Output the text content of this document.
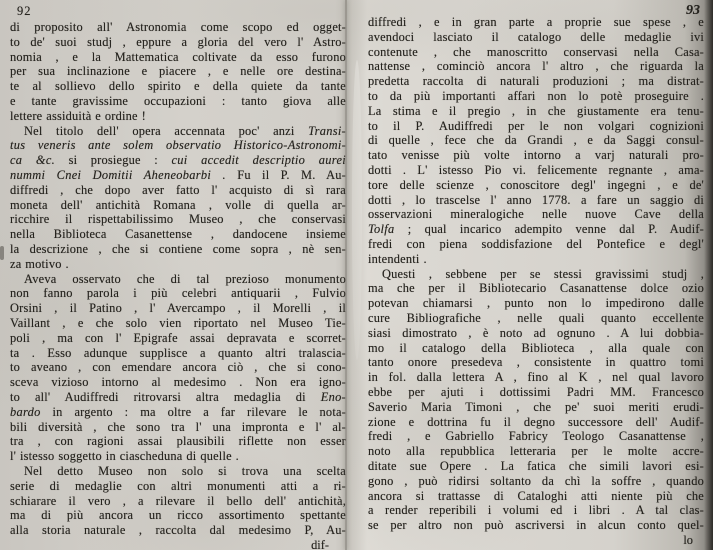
92	93
di proposito all' Astronomia come scopo ed ogget-
to de' suoi studj , eppure a gloria del vero l' Astro-
nomia , e la Mattematica coltivate da esso furono
per sua inclinazione e piacere , e nelle ore destina-
te al sollievo dello spirito e della quiete da tante
e tante gravissime occupazioni : tanto giova alle
lettere assiduità e ordine !
Nel titolo dell' opera accennata poc' anzi Transi-
tus veneris ante solem observatio Historico-Astronomi-
ca &c. si prosiegue : cui accedit descriptio aurei
nummi Cnei Domitii Aheneobarbi . Fu il P. M. Au-
diffredi , che dopo aver fatto l' acquisto di sì rara
moneta dell' antichità Romana , volle di quella ar-
ricchire il rispettabilissimo Museo , che conservasi
nella Biblioteca Casanettense , dandocene insieme
la descrizione , che si contiene come sopra , nè sen-
za motivo .
Aveva osservato che di tal prezioso monumento
non fanno parola i più celebri antiquarii , Fulvio
Orsini , il Patino , l' Avercampo , il Morelli , il
Vaillant , e che solo vien riportato nel Museo Tie-
poli , ma con l' Epigrafe assai depravata e scorret-
ta . Esso adunque supplisce a quanto altri tralascia-
to aveano , con emendare ancora ciò , che si cono-
sceva vizioso intorno al medesimo . Non era igno-
to all' Audiffredi ritrovarsi altra medaglia di Eno-
bardo in argento : ma oltre a far rilevare le nota-
bili diversità , che sono tra l' una impronta e l' al-
tra , con ragioni assai plausibili riflette non esser
l' istesso soggetto in ciascheduna di quelle .
Nel detto Museo non solo si trova una scelta
serie di medaglie con altri monumenti atti a ri-
schiarare il vero , a rilevare il bello dell' antichità,
ma di più ancora un ricco assortimento spettante
alla storia naturale , raccolta dal medesimo P, Au-
dif-
diffredi , e in gran parte a proprie sue spese , e
avendoci lasciato il catalogo delle medaglie ivi
contenute , che manoscritto conservasi nella Casa-
nattense , cominciò ancora l' altro , che riguarda la
predetta raccolta di naturali produzioni ; ma distrat-
to da più importanti affari non lo potè proseguire .
La stima e il pregio , in che giustamente era tenu-
to il P. Audiffredi per le non volgari cognizioni
di quelle , fece che da Grandi , e da Saggi consul-
tato venisse più volte intorno a varj naturali pro-
dotti . L' istesso Pio vi. felicemente regnante , ama-
tore delle scienze , conoscitore degl' ingegni , e de'
dotti , lo trascelse l' anno 1778. a fare un saggio di
osservazioni mineralogiche nelle nuove Cave della
Tolfa ; qual incarico adempito venne dal P. Audif-
fredi con piena soddisfazione del Pontefice e degl'
intendenti .
Questi , sebbene per se stessi gravissimi studj ,
ma che per il Bibliotecario Casanattense dolce ozio
potevan chiamarsi , punto non lo impedirono dalle
cure Bibliografiche , nelle quali quanto eccellente
siasi dimostrato , è noto ad ognuno . A lui dobbia-
mo il catalogo della Biblioteca , alla quale con
tanto onore presedeva , consistente in quattro tomi
in fol. dalla lettera A , fino al K , nel qual lavoro
ebbe per ajuti i dottissimi Padri MM. Francesco
Saverio Maria Timoni , che pe' suoi meriti erudi-
zione e dottrina fu il degno successore dell' Audif-
fredi , e Gabriello Fabricy Teologo Casanattense ,
noto alla repubblica letteraria per le molte accre-
ditate sue Opere . La fatica che simili lavori esi-
gono , può ridirsi soltanto da chì la soffre , quando
ancora si trattasse di Cataloghi atti niente più che
a render reperibili i volumi ed i libri . A tal clas-
se per altro non può ascriversi in alcun conto quel-
lo
